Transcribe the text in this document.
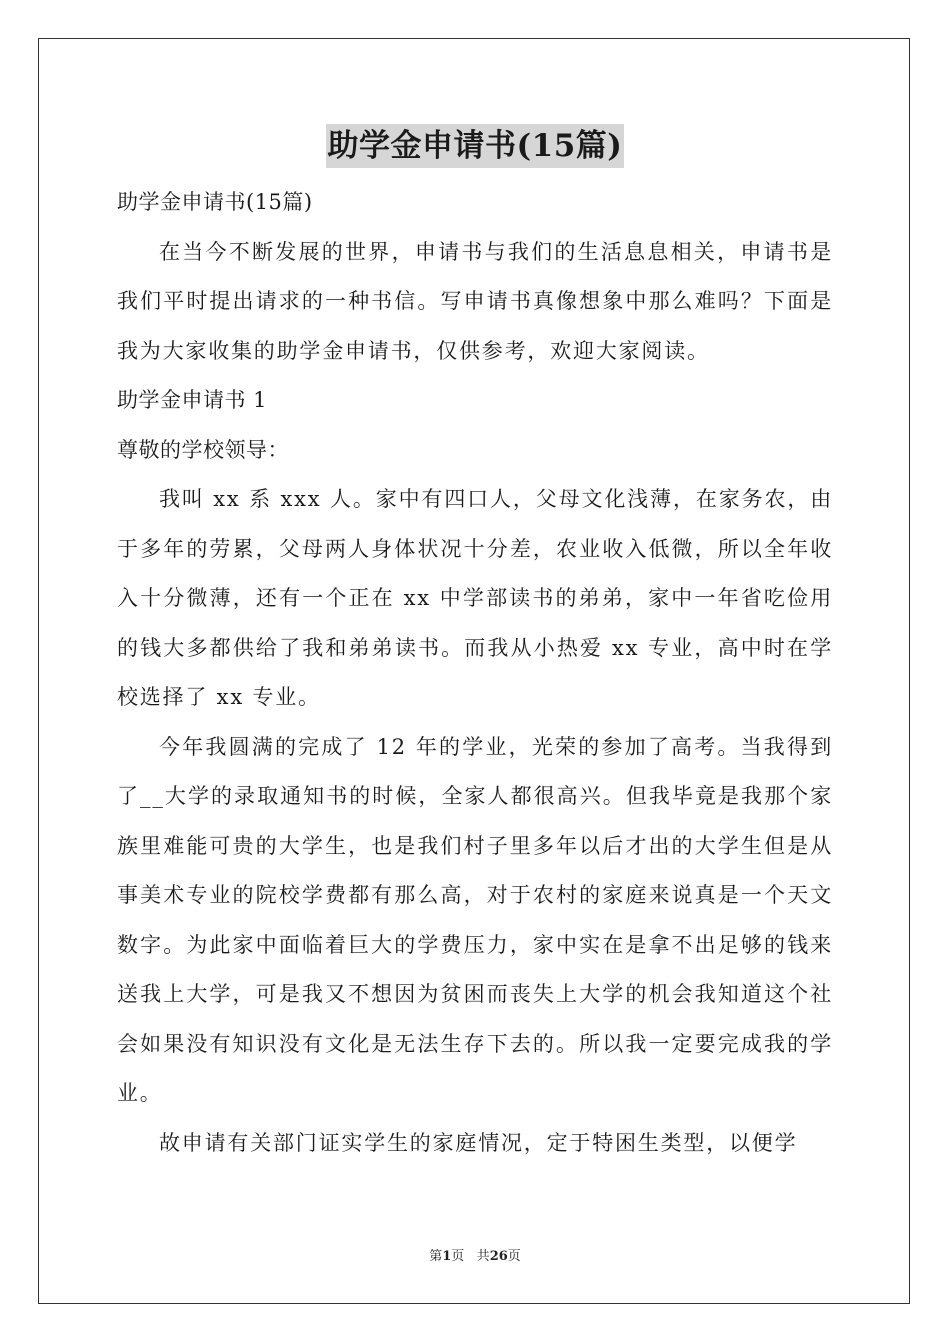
助学金申请书(15篇)

助学金申请书(15篇)

在当今不断发展的世界，申请书与我们的生活息息相关，申请书是我们平时提出请求的一种书信。写申请书真像想象中那么难吗？下面是我为大家收集的助学金申请书，仅供参考，欢迎大家阅读。

助学金申请书 1

尊敬的学校领导：

我叫 xx 系 xxx 人。家中有四口人，父母文化浅薄，在家务农，由于多年的劳累，父母两人身体状况十分差，农业收入低微，所以全年收入十分微薄，还有一个正在 xx 中学部读书的弟弟，家中一年省吃俭用的钱大多都供给了我和弟弟读书。而我从小热爱 xx 专业，高中时在学校选择了 xx 专业。

今年我圆满的完成了 12 年的学业，光荣的参加了高考。当我得到了__大学的录取通知书的时候，全家人都很高兴。但我毕竟是我那个家族里难能可贵的大学生，也是我们村子里多年以后才出的大学生但是从事美术专业的院校学费都有那么高，对于农村的家庭来说真是一个天文数字。为此家中面临着巨大的学费压力，家中实在是拿不出足够的钱来送我上大学，可是我又不想因为贫困而丧失上大学的机会我知道这个社会如果没有知识没有文化是无法生存下去的。所以我一定要完成我的学业。

故申请有关部门证实学生的家庭情况，定于特困生类型，以便学

第1页 共26页
